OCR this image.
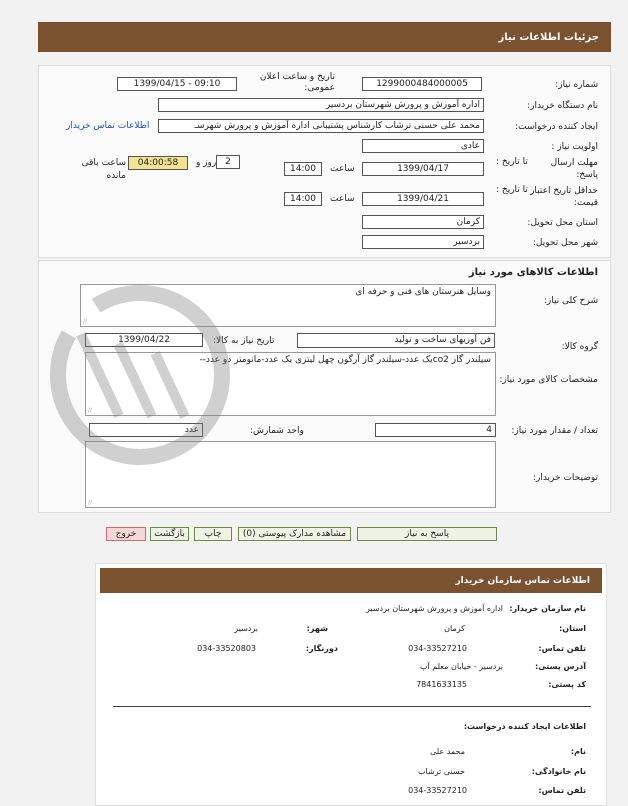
جزئیات اطلاعات نیاز
شماره نیاز:
1299000484000005
تاریخ و ساعت اعلان عمومی:
1399/04/15 - 09:10
نام دستگاه خریدار:
اداره آموزش و پرورش شهرستان بردسیر
ایجاد کننده درخواست:
محمد علی حسنی ترشاب کارشناس پشتیبانی اداره آموزش و پرورش شهرسـ
اطلاعات تماس خریدار
اولویت نیاز :
عادی
مهلت ارسال پاسخ:
تا تاریخ :
1399/04/17
ساعت
14:00
2
روز و
04:00:58
ساعت باقی مانده
حداقل تاریخ اعتبار قیمت:
تا تاریخ :
1399/04/21
ساعت
14:00
استان محل تحویل:
کرمان
شهر محل تحویل:
بردسیر
اطلاعات کالاهای مورد نیاز
شرح کلی نیاز:
وسایل هنرستان های فنی و حرفه ای
//
گروه کالا:
فن آوریهای ساخت و تولید
تاریخ نیاز به کالا:
1399/04/22
مشخصات کالای مورد نیاز:
سیلندر گاز co2یک عدد-سیلندر گاز آرگون چهل لیتری یک عدد-مانومتر دو عدد--
//
تعداد / مقدار مورد نیاز:
4
واحد شمارش:
عدد
توضیحات خریدار:
//
پاسخ به نیاز
مشاهده مدارک پیوستی (0)
چاپ
بازگشت
خروج
اطلاعات تماس سازمان خریدار
نام سازمان خریدار:
اداره آموزش و پرورش شهرستان بردسیر
استان:
کرمان
شهر:
بردسیر
تلفن تماس:
034-33527210
دورنگار:
034-33520803
آدرس پستی:
بردسیر - خیابان معلم آپ
کد پستی:
7841633135
اطلاعات ایجاد کننده درخواست:
نام:
محمد علی
نام خانوادگی:
حسنی ترشاب
تلفن تماس:
034-33527210
